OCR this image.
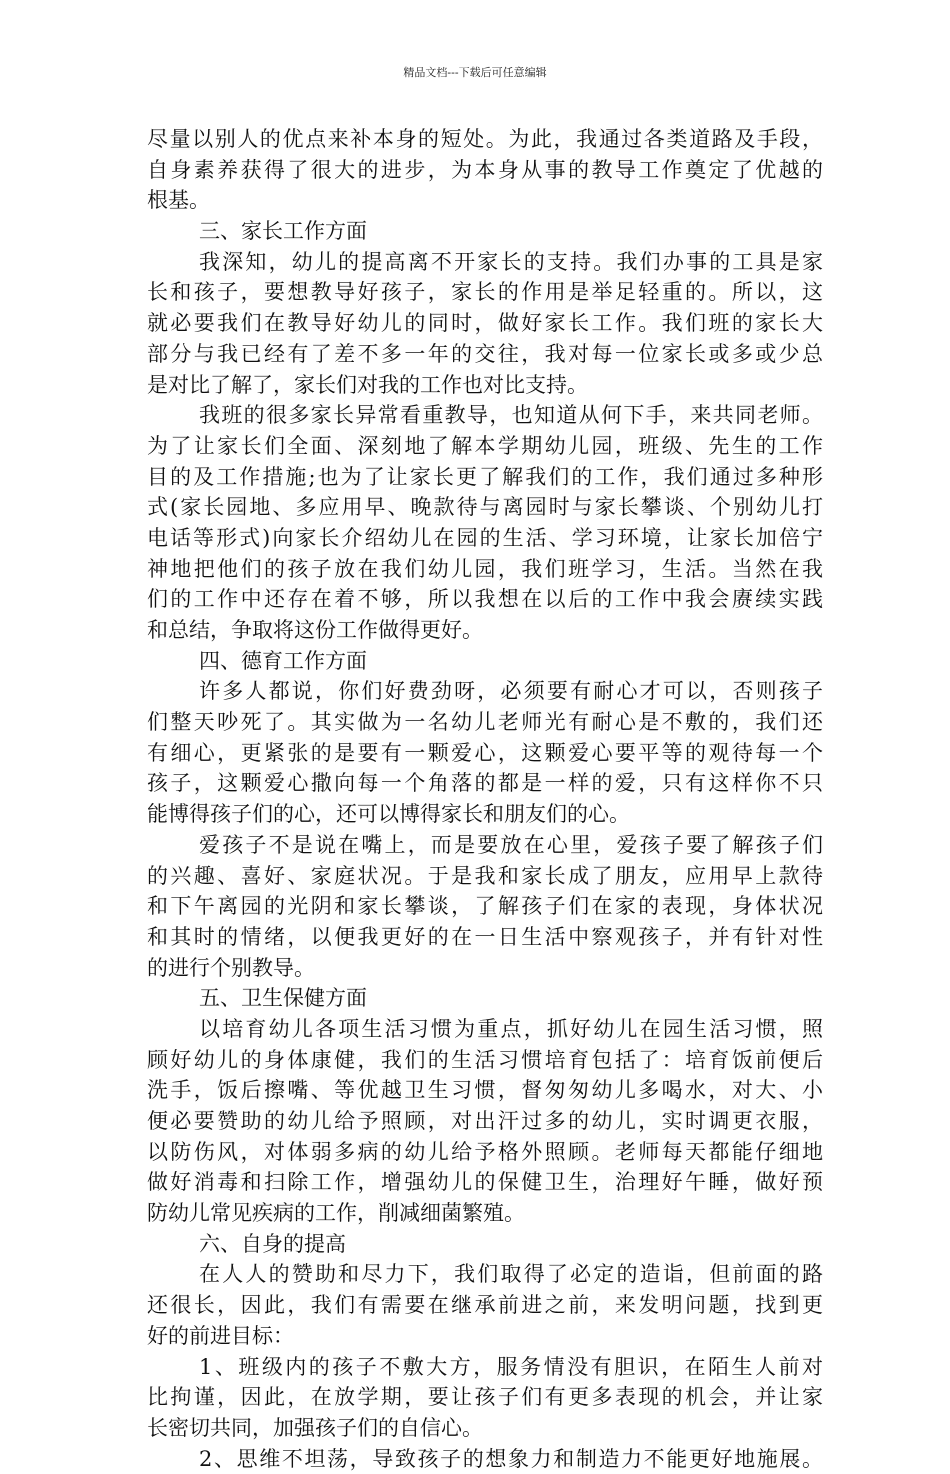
精品文档---下载后可任意编辑
尽量以别人的优点来补本身的短处。为此，我通过各类道路及手段，
自身素养获得了很大的进步，为本身从事的教导工作奠定了优越的
根基。
三、家长工作方面
我深知，幼儿的提高离不开家长的支持。我们办事的工具是家
长和孩子，要想教导好孩子，家长的作用是举足轻重的。所以，这
就必要我们在教导好幼儿的同时，做好家长工作。我们班的家长大
部分与我已经有了差不多一年的交往，我对每一位家长或多或少总
是对比了解了，家长们对我的工作也对比支持。
我班的很多家长异常看重教导，也知道从何下手，来共同老师。
为了让家长们全面、深刻地了解本学期幼儿园，班级、先生的工作
目的及工作措施;也为了让家长更了解我们的工作，我们通过多种形
式(家长园地、多应用早、晚款待与离园时与家长攀谈、个别幼儿打
电话等形式)向家长介绍幼儿在园的生活、学习环境，让家长加倍宁
神地把他们的孩子放在我们幼儿园，我们班学习，生活。当然在我
们的工作中还存在着不够，所以我想在以后的工作中我会赓续实践
和总结，争取将这份工作做得更好。
四、德育工作方面
许多人都说，你们好费劲呀，必须要有耐心才可以，否则孩子
们整天吵死了。其实做为一名幼儿老师光有耐心是不敷的，我们还
有细心，更紧张的是要有一颗爱心，这颗爱心要平等的观待每一个
孩子，这颗爱心撒向每一个角落的都是一样的爱，只有这样你不只
能博得孩子们的心，还可以博得家长和朋友们的心。
爱孩子不是说在嘴上，而是要放在心里，爱孩子要了解孩子们
的兴趣、喜好、家庭状况。于是我和家长成了朋友，应用早上款待
和下午离园的光阴和家长攀谈，了解孩子们在家的表现，身体状况
和其时的情绪，以便我更好的在一日生活中察观孩子，并有针对性
的进行个别教导。
五、卫生保健方面
以培育幼儿各项生活习惯为重点，抓好幼儿在园生活习惯，照
顾好幼儿的身体康健，我们的生活习惯培育包括了：培育饭前便后
洗手，饭后擦嘴、等优越卫生习惯，督匆匆幼儿多喝水，对大、小
便必要赞助的幼儿给予照顾，对出汗过多的幼儿，实时调更衣服，
以防伤风，对体弱多病的幼儿给予格外照顾。老师每天都能仔细地
做好消毒和扫除工作，增强幼儿的保健卫生，治理好午睡，做好预
防幼儿常见疾病的工作，削减细菌繁殖。
六、自身的提高
在人人的赞助和尽力下，我们取得了必定的造诣，但前面的路
还很长，因此，我们有需要在继承前进之前，来发明问题，找到更
好的前进目标：
1、班级内的孩子不敷大方，服务情没有胆识，在陌生人前对
比拘谨，因此，在放学期，要让孩子们有更多表现的机会，并让家
长密切共同，加强孩子们的自信心。
2、思维不坦荡，导致孩子的想象力和制造力不能更好地施展。
